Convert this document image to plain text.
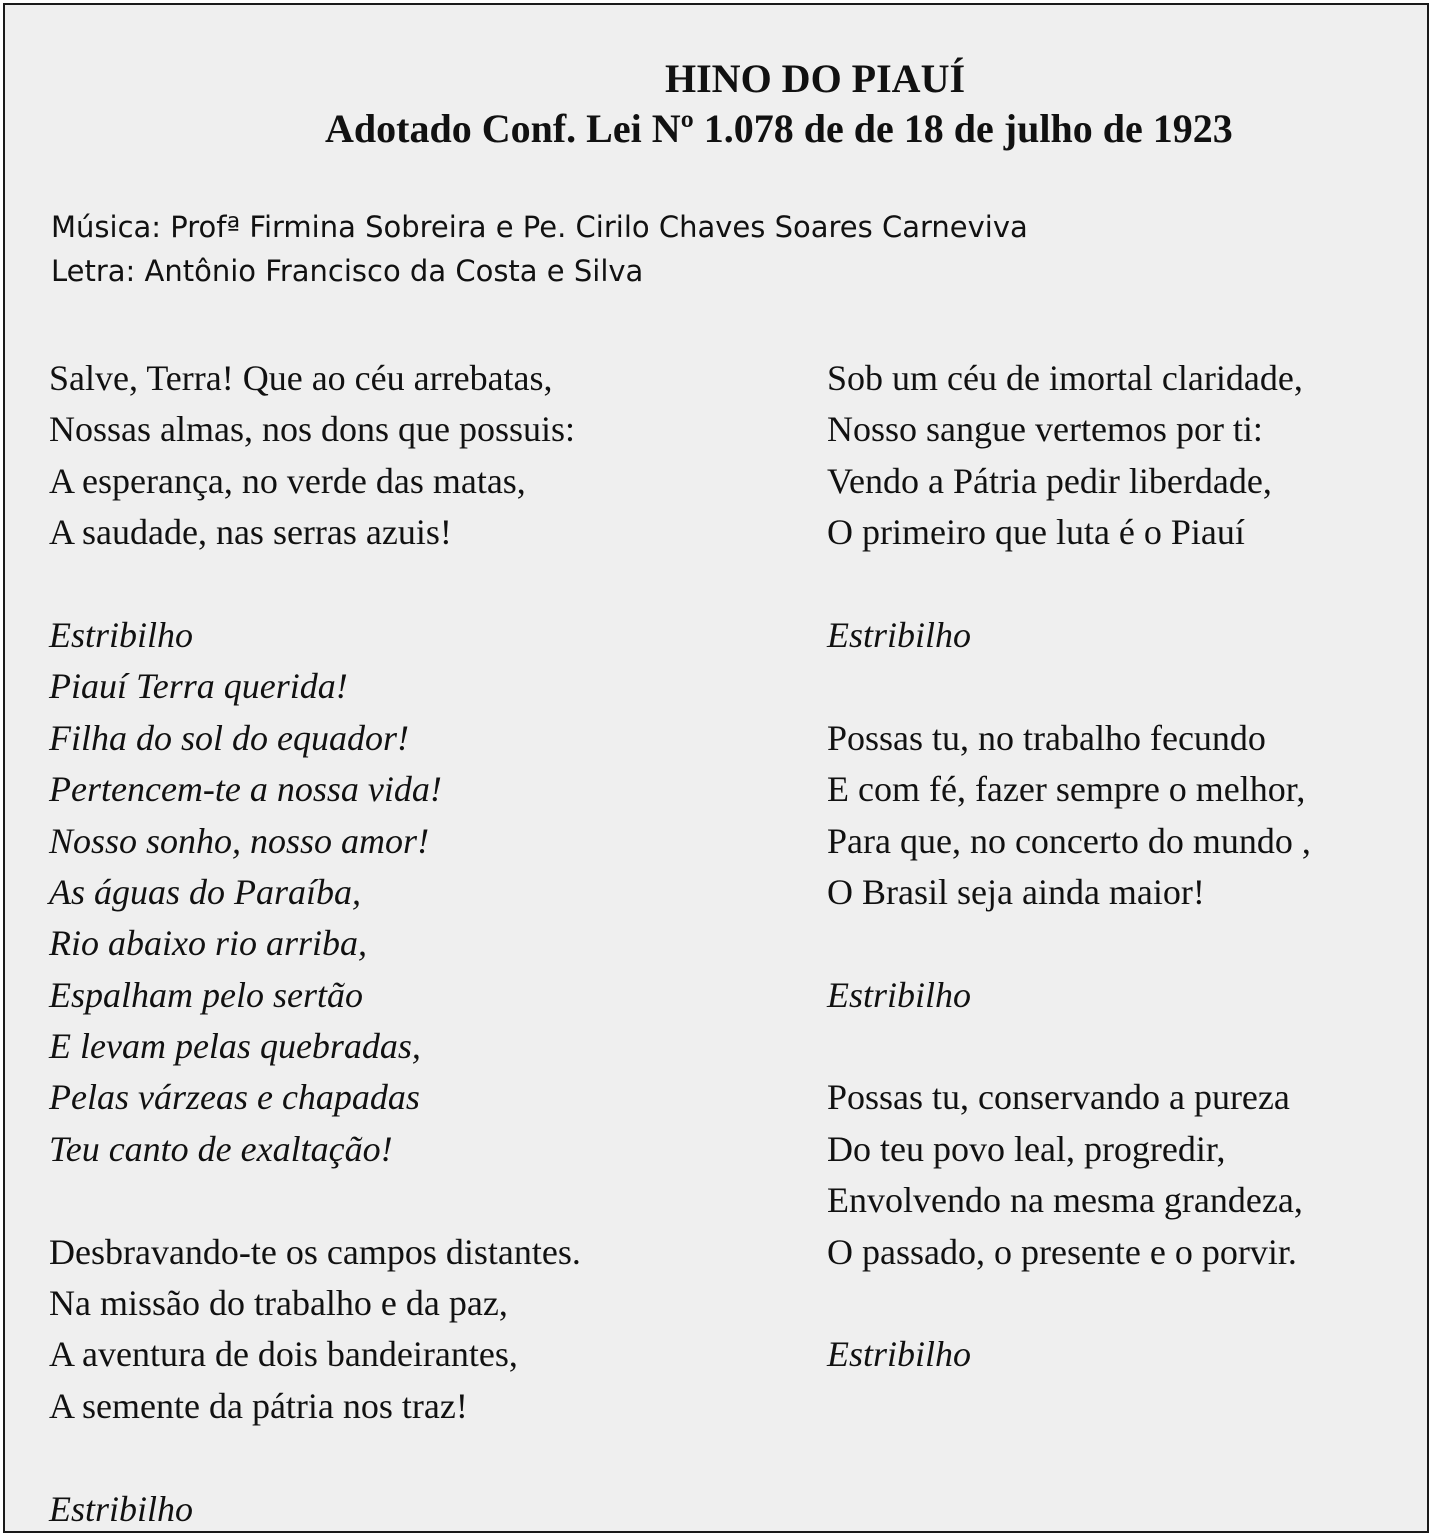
HINO DO PIAUÍ
Adotado Conf. Lei Nº 1.078 de de 18 de julho de 1923
Música: Profª Firmina Sobreira e Pe. Cirilo Chaves Soares Carneviva
Letra: Antônio Francisco da Costa e Silva
Salve, Terra! Que ao céu arrebatas,
Nossas almas, nos dons que possuis:
A esperança, no verde das matas,
A saudade, nas serras azuis!
Estribilho
Piauí Terra querida!
Filha do sol do equador!
Pertencem-te a nossa vida!
Nosso sonho, nosso amor!
As águas do Paraíba,
Rio abaixo rio arriba,
Espalham pelo sertão
E levam pelas quebradas,
Pelas várzeas e chapadas
Teu canto de exaltação!
Desbravando-te os campos distantes.
Na missão do trabalho e da paz,
A aventura de dois bandeirantes,
A semente da pátria nos traz!
Estribilho
Sob um céu de imortal claridade,
Nosso sangue vertemos por ti:
Vendo a Pátria pedir liberdade,
O primeiro que luta é o Piauí
Estribilho
Possas tu, no trabalho fecundo
E com fé, fazer sempre o melhor,
Para que, no concerto do mundo ,
O Brasil seja ainda maior!
Estribilho
Possas tu, conservando a pureza
Do teu povo leal, progredir,
Envolvendo na mesma grandeza,
O passado, o presente e o porvir.
Estribilho
